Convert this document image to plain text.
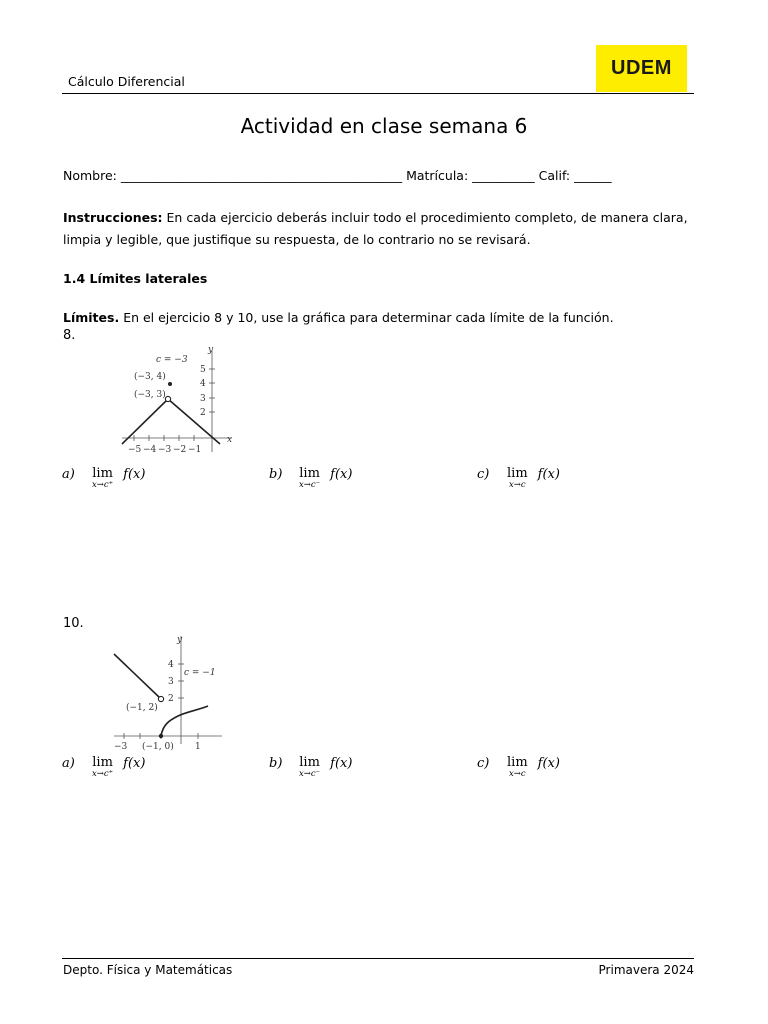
Cálculo Diferencial
UDEM
Actividad en clase semana 6
Nombre: _____________________________________________ Matrícula: __________ Calif: ______
Instrucciones: En cada ejercicio deberás incluir todo el procedimiento completo, de manera clara, limpia y legible, que justifique su respuesta, de lo contrario no se revisará.
1.4 Límites laterales
Límites. En el ejercicio 8 y 10, use la gráfica para determinar cada límite de la función.
8.
c = −3
(−3, 4)
(−3, 3)
y
x
5
4
3
2
−5 −4 −3 −2 −1
a)	lim
x→c⁺
f(x)	b)	lim
x→c⁻
f(x)	c)	lim
x→c
f(x)
10.
y
4
3
2
c = −1
(−1, 2)
(−1, 0)
−3	1
a)	lim
x→c⁺
f(x)	b)	lim
x→c⁻
f(x)	c)	lim
x→c
f(x)
Depto. Física y Matemáticas	Primavera 2024
